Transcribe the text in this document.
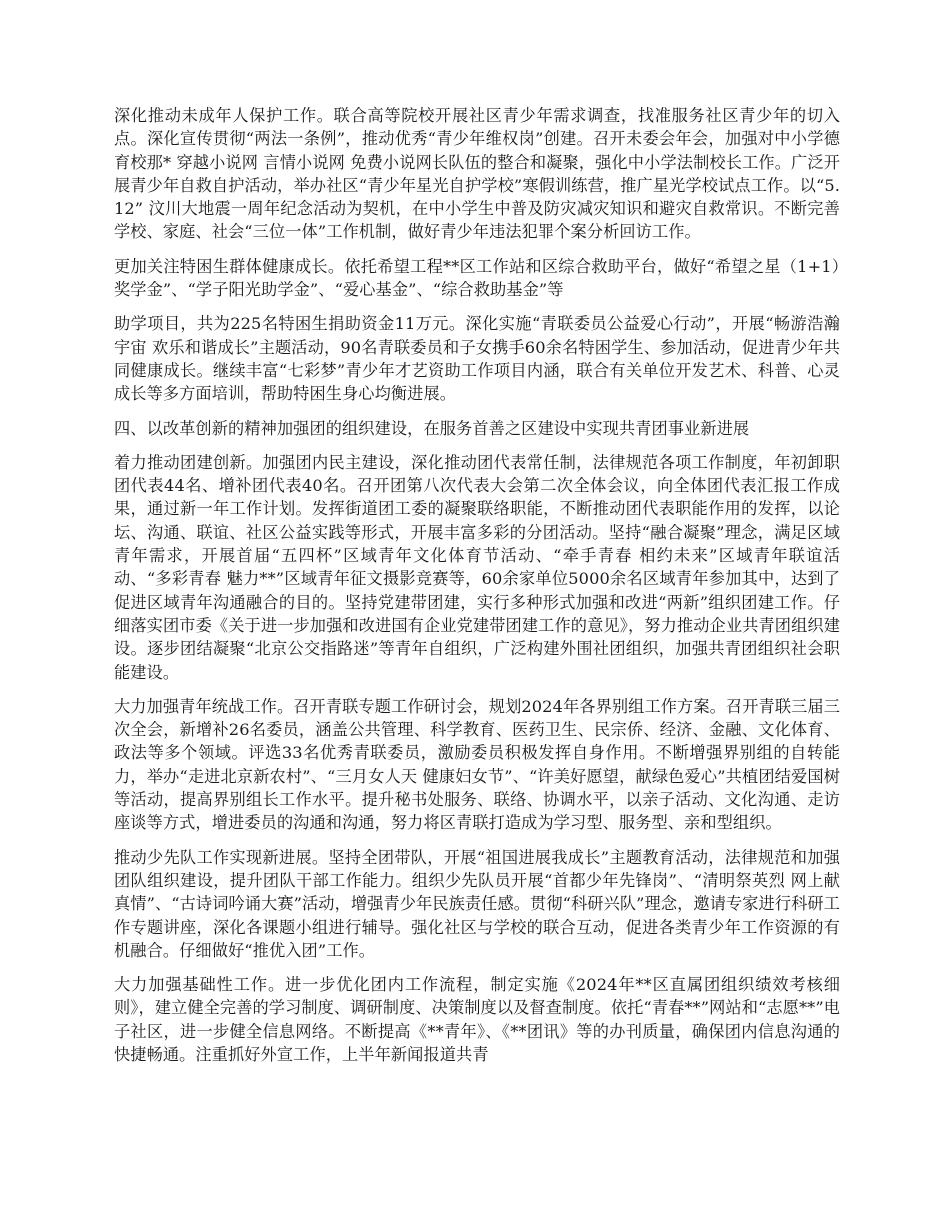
深化推动未成年人保护工作。联合高等院校开展社区青少年需求调查，找准服务社区青少年的切入点。深化宣传贯彻“两法一条例”，推动优秀“青少年维权岗”创建。召开未委会年会，加强对中小学德育校那* 穿越小说网 言情小说网 免费小说网长队伍的整合和凝聚，强化中小学法制校长工作。广泛开展青少年自救自护活动，举办社区“青少年星光自护学校”寒假训练营，推广星光学校试点工作。以“5.12” 汶川大地震一周年纪念活动为契机，在中小学生中普及防灾减灾知识和避灾自救常识。不断完善学校、家庭、社会“三位一体”工作机制，做好青少年违法犯罪个案分析回访工作。

更加关注特困生群体健康成长。依托希望工程**区工作站和区综合救助平台，做好“希望之星（1+1）奖学金”、“学子阳光助学金”、“爱心基金”、“综合救助基金”等

助学项目，共为225名特困生捐助资金11万元。深化实施“青联委员公益爱心行动”，开展“畅游浩瀚宇宙 欢乐和谐成长”主题活动，90名青联委员和子女携手60余名特困学生、参加活动，促进青少年共同健康成长。继续丰富“七彩梦”青少年才艺资助工作项目内涵，联合有关单位开发艺术、科普、心灵成长等多方面培训，帮助特困生身心均衡进展。

四、以改革创新的精神加强团的组织建设，在服务首善之区建设中实现共青团事业新进展

着力推动团建创新。加强团内民主建设，深化推动团代表常任制，法律规范各项工作制度，年初卸职团代表44名、增补团代表40名。召开团第八次代表大会第二次全体会议，向全体团代表汇报工作成果，通过新一年工作计划。发挥街道团工委的凝聚联络职能，不断推动团代表职能作用的发挥，以论坛、沟通、联谊、社区公益实践等形式，开展丰富多彩的分团活动。坚持“融合凝聚”理念，满足区域青年需求，开展首届“五四杯”区域青年文化体育节活动、“牵手青春 相约未来”区域青年联谊活动、“多彩青春 魅力**”区域青年征文摄影竞赛等，60余家单位5000余名区域青年参加其中，达到了促进区域青年沟通融合的目的。坚持党建带团建，实行多种形式加强和改进“两新”组织团建工作。仔细落实团市委《关于进一步加强和改进国有企业党建带团建工作的意见》，努力推动企业共青团组织建设。逐步团结凝聚“北京公交指路迷”等青年自组织，广泛构建外围社团组织，加强共青团组织社会职能建设。

大力加强青年统战工作。召开青联专题工作研讨会，规划2024年各界别组工作方案。召开青联三届三次全会，新增补26名委员，涵盖公共管理、科学教育、医药卫生、民宗侨、经济、金融、文化体育、政法等多个领域。评选33名优秀青联委员，激励委员积极发挥自身作用。不断增强界别组的自转能力，举办“走进北京新农村”、“三月女人天 健康妇女节”、“许美好愿望，献绿色爱心”共植团结爱国树等活动，提高界别组长工作水平。提升秘书处服务、联络、协调水平，以亲子活动、文化沟通、走访座谈等方式，增进委员的沟通和沟通，努力将区青联打造成为学习型、服务型、亲和型组织。

推动少先队工作实现新进展。坚持全团带队，开展“祖国进展我成长”主题教育活动，法律规范和加强团队组织建设，提升团队干部工作能力。组织少先队员开展“首都少年先锋岗”、“清明祭英烈 网上献真情”、“古诗词吟诵大赛”活动，增强青少年民族责任感。贯彻“科研兴队”理念，邀请专家进行科研工作专题讲座，深化各课题小组进行辅导。强化社区与学校的联合互动，促进各类青少年工作资源的有机融合。仔细做好“推优入团”工作。

大力加强基础性工作。进一步优化团内工作流程，制定实施《2024年**区直属团组织绩效考核细则》，建立健全完善的学习制度、调研制度、决策制度以及督查制度。依托“青春**”网站和“志愿**”电子社区，进一步健全信息网络。不断提高《**青年》、《**团讯》等的办刊质量，确保团内信息沟通的快捷畅通。注重抓好外宣工作，上半年新闻报道共青
